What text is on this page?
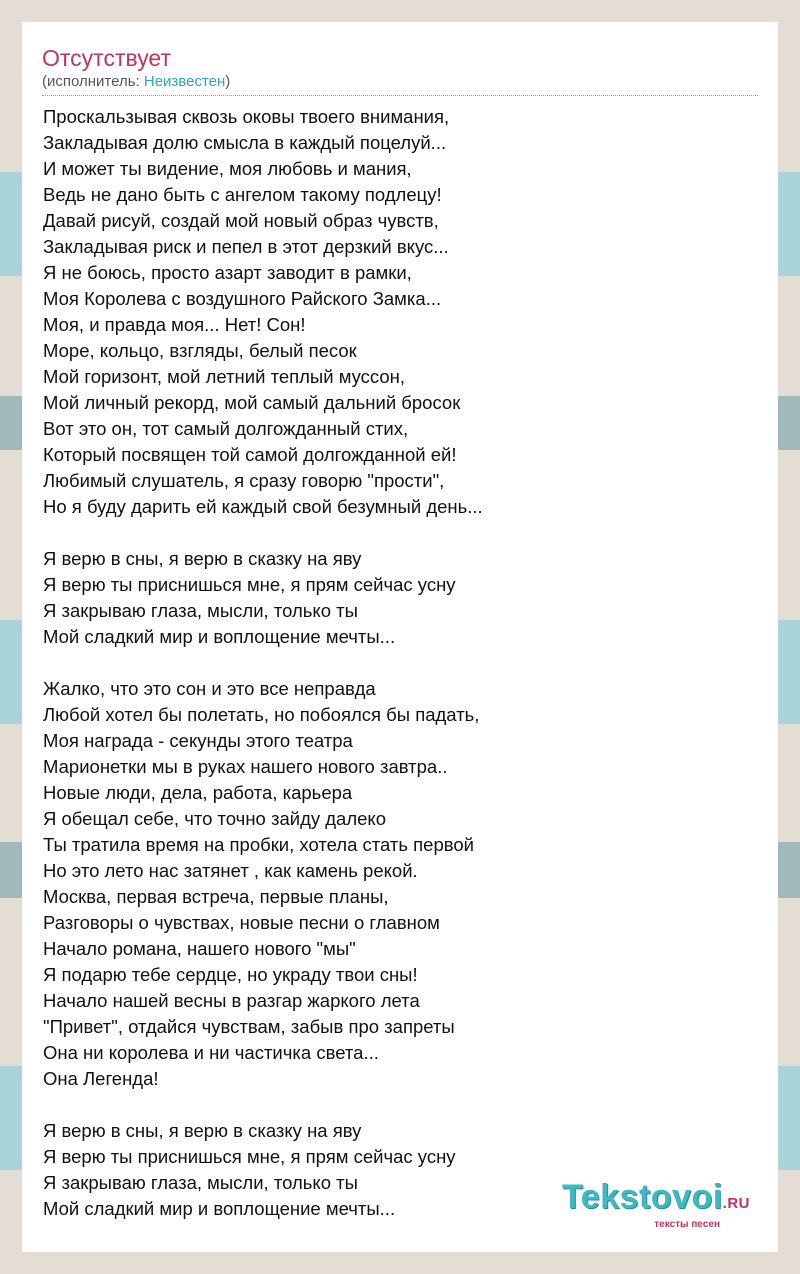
Отсутствует
(исполнитель: Неизвестен)
Проскальзывая сквозь оковы твоего внимания,
Закладывая долю смысла в каждый поцелуй...
И может ты видение, моя любовь и мания,
Ведь не дано быть с ангелом такому подлецу!
Давай рисуй, создай мой новый образ чувств,
Закладывая риск и пепел в этот дерзкий вкус...
Я не боюсь, просто азарт заводит в рамки,
Моя Королева с воздушного Райского Замка...
Моя, и правда моя... Нет! Сон!
Море, кольцо, взгляды, белый песок
Мой горизонт, мой летний теплый муссон,
Мой личный рекорд, мой самый дальний бросок
Вот это он, тот самый долгожданный стих,
Который посвящен той самой долгожданной ей!
Любимый слушатель, я сразу говорю "прости",
Но я буду дарить ей каждый свой безумный день...
Я верю в сны, я верю в сказку на яву
Я верю ты приснишься мне, я прям сейчас усну
Я закрываю глаза, мысли, только ты
Мой сладкий мир и воплощение мечты...
Жалко, что это сон и это все неправда
Любой хотел бы полетать, но побоялся бы падать,
Моя награда - секунды этого театра
Марионетки мы в руках нашего нового завтра..
Новые люди, дела, работа, карьера
Я обещал себе, что точно зайду далеко
Ты тратила время на пробки, хотела стать первой
Но это лето нас затянет , как камень рекой.
Москва, первая встреча, первые планы,
Разговоры о чувствах, новые песни о главном
Начало романа, нашего нового "мы"
Я подарю тебе сердце, но украду твои сны!
Начало нашей весны в разгар жаркого лета
"Привет", отдайся чувствам, забыв про запреты
Она ни королева и ни частичка света...
Она Легенда!
Я верю в сны, я верю в сказку на яву
Я верю ты приснишься мне, я прям сейчас усну
Я закрываю глаза, мысли, только ты
Мой сладкий мир и воплощение мечты...	Tekstovoi.RU
тексты песен
